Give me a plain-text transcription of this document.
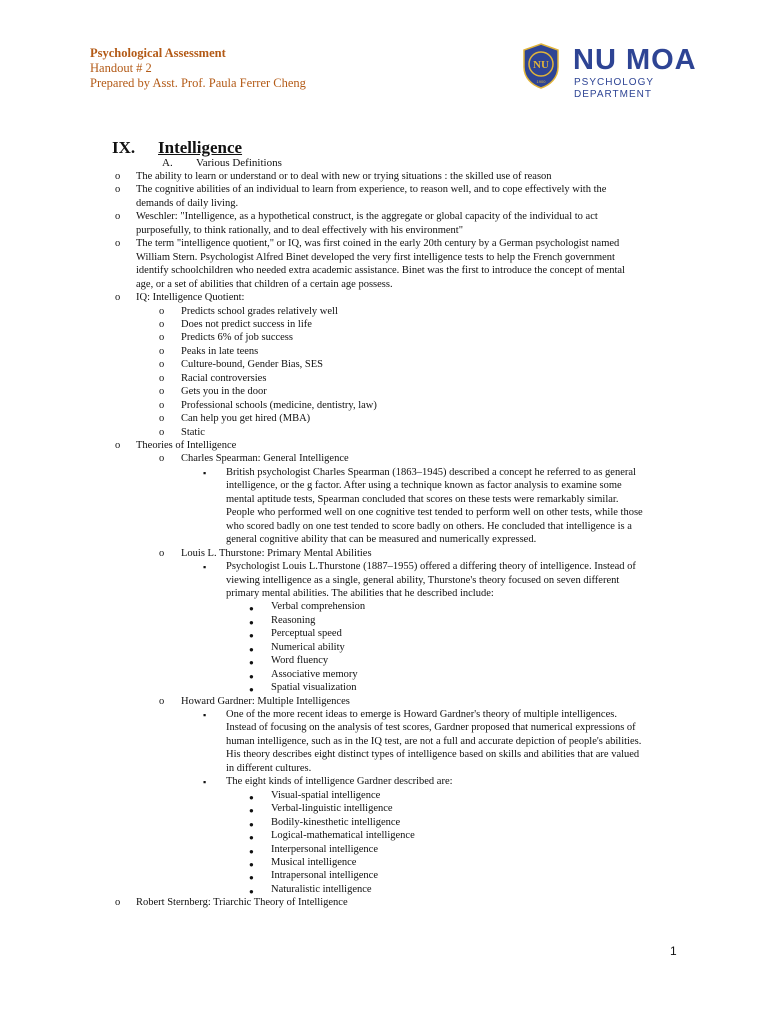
Psychological Assessment
Handout # 2
Prepared by Asst. Prof. Paula Ferrer Cheng
NU
1900
NU MOA
PSYCHOLOGY DEPARTMENT
IX. Intelligence
A. Various Definitions
o The ability to learn or understand or to deal with new or trying situations : the skilled use of reason
o The cognitive abilities of an individual to learn from experience, to reason well, and to cope effectively with the
demands of daily living.
o Weschler: "Intelligence, as a hypothetical construct, is the aggregate or global capacity of the individual to act
purposefully, to think rationally, and to deal effectively with his environment"
o The term "intelligence quotient," or IQ, was first coined in the early 20th century by a German psychologist named
William Stern. Psychologist Alfred Binet developed the very first intelligence tests to help the French government
identify schoolchildren who needed extra academic assistance. Binet was the first to introduce the concept of mental
age, or a set of abilities that children of a certain age possess.
o IQ: Intelligence Quotient:
o Predicts school grades relatively well
o Does not predict success in life
o Predicts 6% of job success
o Peaks in late teens
o Culture-bound, Gender Bias, SES
o Racial controversies
o Gets you in the door
o Professional schools (medicine, dentistry, law)
o Can help you get hired (MBA)
o Static
o Theories of Intelligence
o Charles Spearman: General Intelligence
▪ British psychologist Charles Spearman (1863–1945) described a concept he referred to as general
intelligence, or the g factor. After using a technique known as factor analysis to examine some
mental aptitude tests, Spearman concluded that scores on these tests were remarkably similar.
People who performed well on one cognitive test tended to perform well on other tests, while those
who scored badly on one test tended to score badly on others. He concluded that intelligence is a
general cognitive ability that can be measured and numerically expressed.
o Louis L. Thurstone: Primary Mental Abilities
▪ Psychologist Louis L.Thurstone (1887–1955) offered a differing theory of intelligence. Instead of
viewing intelligence as a single, general ability, Thurstone's theory focused on seven different
primary mental abilities. The abilities that he described include:
● Verbal comprehension
● Reasoning
● Perceptual speed
● Numerical ability
● Word fluency
● Associative memory
● Spatial visualization
o Howard Gardner: Multiple Intelligences
▪ One of the more recent ideas to emerge is Howard Gardner's theory of multiple intelligences.
Instead of focusing on the analysis of test scores, Gardner proposed that numerical expressions of
human intelligence, such as in the IQ test, are not a full and accurate depiction of people's abilities.
His theory describes eight distinct types of intelligence based on skills and abilities that are valued
in different cultures.
▪ The eight kinds of intelligence Gardner described are:
● Visual-spatial intelligence
● Verbal-linguistic intelligence
● Bodily-kinesthetic intelligence
● Logical-mathematical intelligence
● Interpersonal intelligence
● Musical intelligence
● Intrapersonal intelligence
● Naturalistic intelligence
o Robert Sternberg: Triarchic Theory of Intelligence
1
